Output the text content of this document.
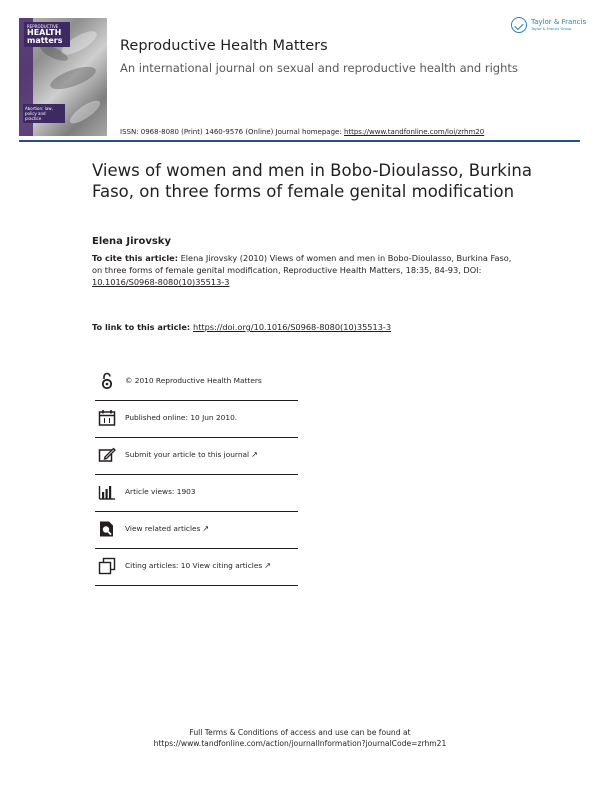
REPRODUCTIVE
HEALTH matters
Abortion: law, policy and practice
Reproductive Health Matters
An international journal on sexual and reproductive health and rights
ISSN: 0968-8080 (Print) 1460-9576 (Online) Journal homepage: https://www.tandfonline.com/loi/zrhm20
Taylor & Francis
Taylor & Francis Group
Views of women and men in Bobo-Dioulasso, Burkina Faso, on three forms of female genital modification
Elena Jirovsky
To cite this article: Elena Jirovsky (2010) Views of women and men in Bobo-Dioulasso, Burkina Faso, on three forms of female genital modification, Reproductive Health Matters, 18:35, 84-93, DOI: 10.1016/S0968-8080(10)35513-3
To link to this article: https://doi.org/10.1016/S0968-8080(10)35513-3
© 2010 Reproductive Health Matters
Published online: 10 Jun 2010.
Submit your article to this journal ↗
Article views: 1903
View related articles ↗
Citing articles: 10 View citing articles ↗
Full Terms & Conditions of access and use can be found at
https://www.tandfonline.com/action/journalInformation?journalCode=zrhm21
